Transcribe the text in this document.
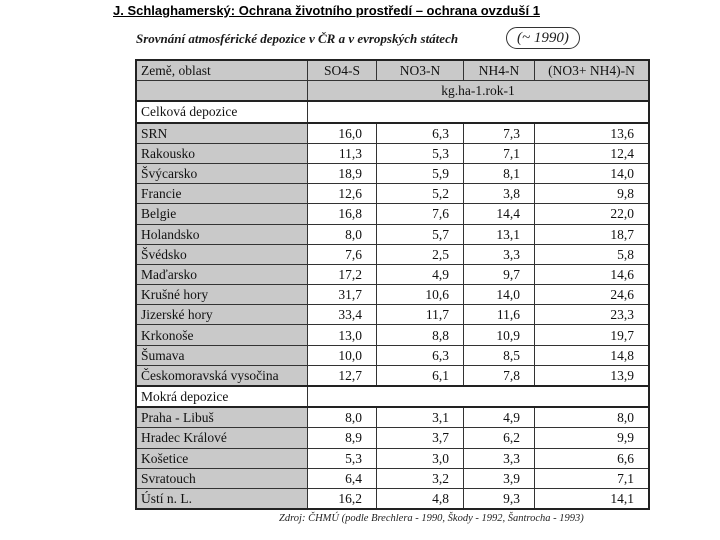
J. Schlaghamerský: Ochrana životního prostředí – ochrana ovzduší 1
Srovnání atmosférické depozice v ČR a v evropských státech	(~ 1990)
Země, oblast	SO4-S	NO3-N	NH4-N	(NO3+ NH4)-N
	kg.ha-1.rok-1			
Celková depozice				
SRN	16,0	6,3	7,3	13,6
Rakousko	11,3	5,3	7,1	12,4
Švýcarsko	18,9	5,9	8,1	14,0
Francie	12,6	5,2	3,8	9,8
Belgie	16,8	7,6	14,4	22,0
Holandsko	8,0	5,7	13,1	18,7
Švédsko	7,6	2,5	3,3	5,8
Maďarsko	17,2	4,9	9,7	14,6
Krušné hory	31,7	10,6	14,0	24,6
Jizerské hory	33,4	11,7	11,6	23,3
Krkonoše	13,0	8,8	10,9	19,7
Šumava	10,0	6,3	8,5	14,8
Českomoravská vysočina	12,7	6,1	7,8	13,9
Mokrá depozice				
Praha - Libuš	8,0	3,1	4,9	8,0
Hradec Králové	8,9	3,7	6,2	9,9
Košetice	5,3	3,0	3,3	6,6
Svratouch	6,4	3,2	3,9	7,1
Ústí n. L.	16,2	4,8	9,3	14,1
Zdroj: ČHMÚ (podle Brechlera - 1990, Škody - 1992, Šantrocha - 1993)
